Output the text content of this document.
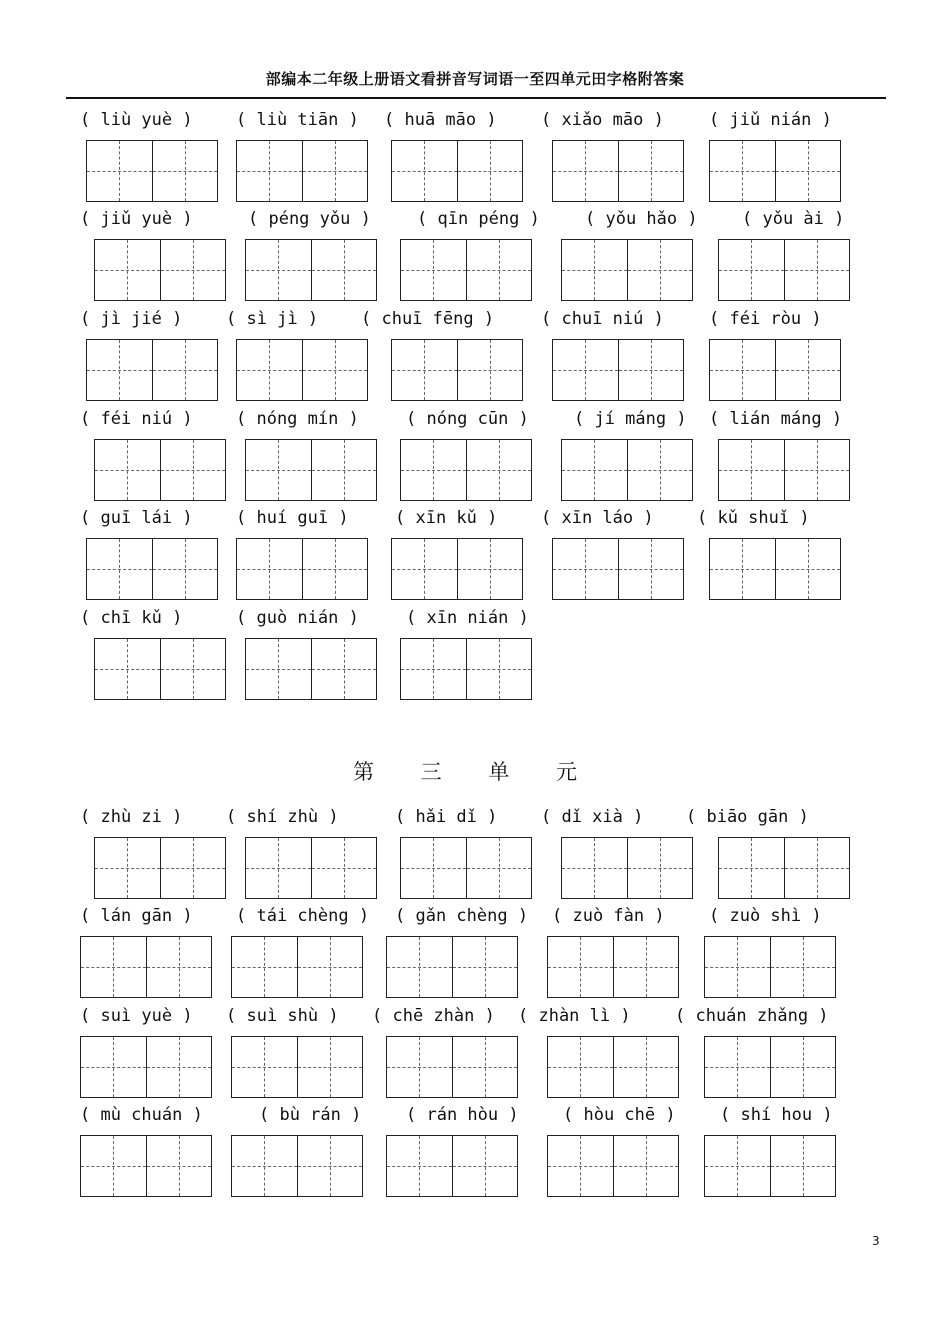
部编本二年级上册语文看拼音写词语一至四单元田字格附答案
( liù yuè )	( liù tiān ) ( huā māo )	( xiǎo māo )	( jiǔ nián )
( jiǔ yuè )	( péng yǒu )	( qīn péng )	( yǒu hǎo )	( yǒu ài )
( jì jié )	( sì jì )	( chuī fēng )	( chuī niú )	( féi ròu )
( féi niú )	( nóng mín )	( nóng cūn )	( jí máng ) ( lián máng )
( guī lái )	( huí guī )	( xīn kǔ )	( xīn láo )	( kǔ shuǐ )
( chī kǔ )	( guò nián )	( xīn nián )
( zhù zi )	( shí zhù )	( hǎi dǐ )	( dǐ xià )	( biāo gān )
( lán gān )	( tái chèng ) ( gǎn chèng ) ( zuò fàn )	( zuò shì )
( suì yuè ) ( suì shù ) ( chē zhàn ) ( zhàn lì )	( chuán zhǎng )
( mù chuán )	( bù rán )	( rán hòu )	( hòu chē )	( shí hou )
第 三 单 元
3
